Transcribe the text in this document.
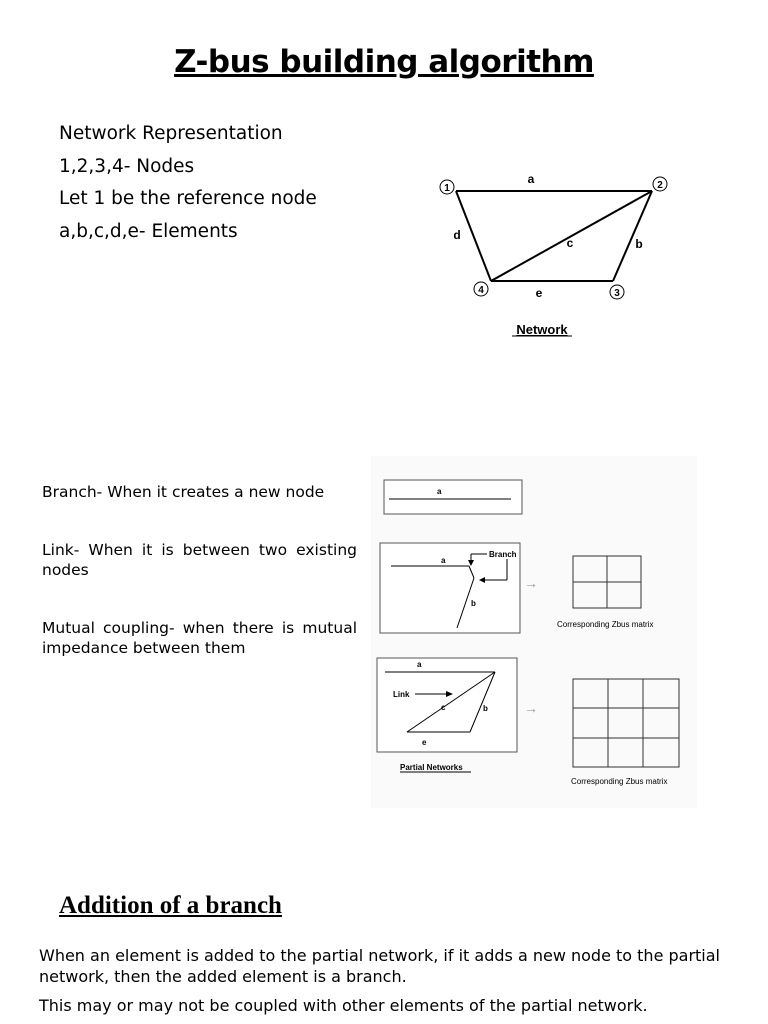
Z-bus building algorithm
Network Representation
1,2,3,4- Nodes
Let 1 be the reference node
a,b,c,d,e- Elements
1	2
3
4
a
b
c
d
e
Network
Branch- When it creates a new node
Link- When it is between two existing nodes
Mutual coupling- when there is mutual impedance between them
a
Branch
a
b
→
Corresponding Zbus matrix
a
Link
c	b
e
→
Corresponding Zbus matrix
Partial Networks
Addition of a branch
When an element is added to the partial network, if it adds a new node to the partial network, then the added element is a branch.
This may or may not be coupled with other elements of the partial network.
